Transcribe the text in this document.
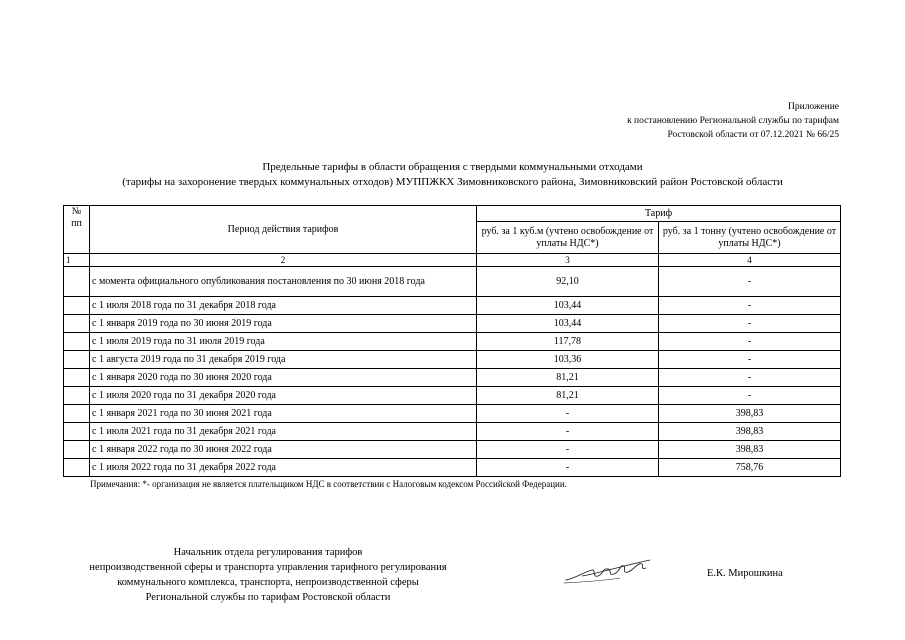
Приложение
к постановлению Региональной службы по тарифам
Ростовской области от 07.12.2021 № 66/25
Предельные тарифы в области обращения с твердыми коммунальными отходами
(тарифы на захоронение твердых коммунальных отходов) МУППЖКХ Зимовниковского района, Зимовниковский район Ростовской области
№ пп	Период действия тарифов	Тариф	
		руб. за 1 куб.м (учтено освобождение от уплаты НДС*)	руб. за 1 тонну (учтено освобождение от уплаты НДС*)
1	2	3	4
	с момента официального опубликования постановления по 30 июня 2018 года	92,10	-
	с 1 июля 2018 года по 31 декабря 2018 года	103,44	-
	с 1 января 2019 года по 30 июня 2019 года	103,44	-
	с 1 июля 2019 года по 31 июля 2019 года	117,78	-
	с 1 августа 2019 года по 31 декабря 2019 года	103,36	-
	с 1 января 2020 года по 30 июня 2020 года	81,21	-
	с 1 июля 2020 года по 31 декабря 2020 года	81,21	-
	с 1 января 2021 года по 30 июня 2021 года	-	398,83
	с 1 июля 2021 года по 31 декабря 2021 года	-	398,83
	с 1 января 2022 года по 30 июня 2022 года	-	398,83
	с 1 июля 2022 года по 31 декабря 2022 года	-	758,76
Примечания: *- организация не является плательщиком НДС в соответствии с Налоговым кодексом Российской Федерации.
Начальник отдела регулирования тарифов
непроизводственной сферы и транспорта управления тарифного регулирования
коммунального комплекса, транспорта, непроизводственной сферы
Региональной службы по тарифам Ростовской области
Е.К. Мирошкина
